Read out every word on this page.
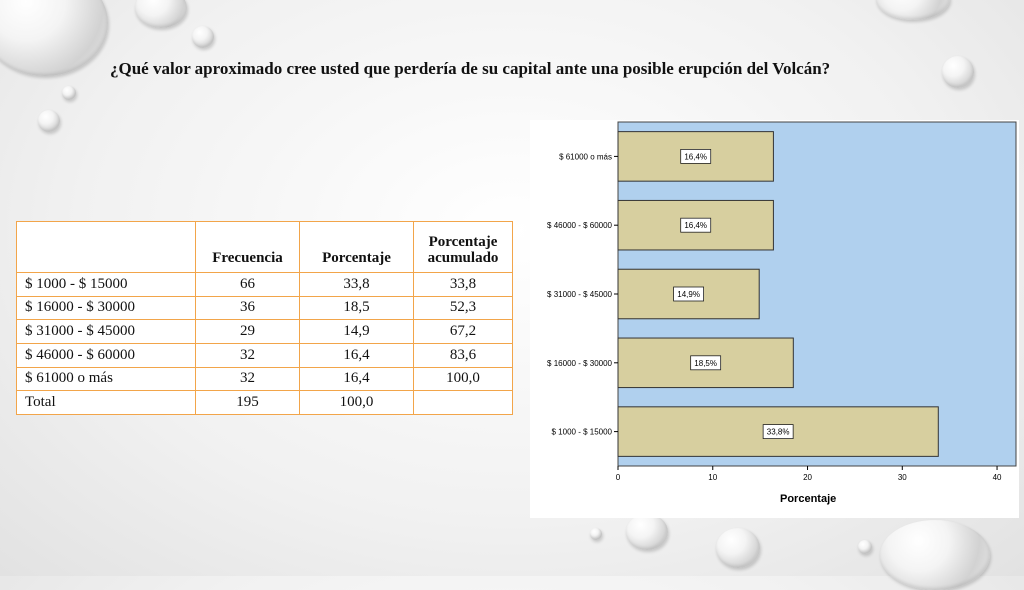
¿Qué valor aproximado cree usted que perdería de su capital ante una posible erupción del Volcán?

	Frecuencia	Porcentaje	Porcentaje acumulado
$ 1000 - $ 15000	66	33,8	33,8
$ 16000 - $ 30000	36	18,5	52,3
$ 31000 - $ 45000	29	14,9	67,2
$ 46000 - $ 60000	32	16,4	83,6
$ 61000 o más	32	16,4	100,0
Total	195	100,0	
$ 61000 o más	16,4%
$ 46000 - $ 60000	16,4%
$ 31000 - $ 45000	14,9%
$ 16000 - $ 30000	18,5%
$ 1000 - $ 15000	33,8%
0	10	20	30	40
Porcentaje
